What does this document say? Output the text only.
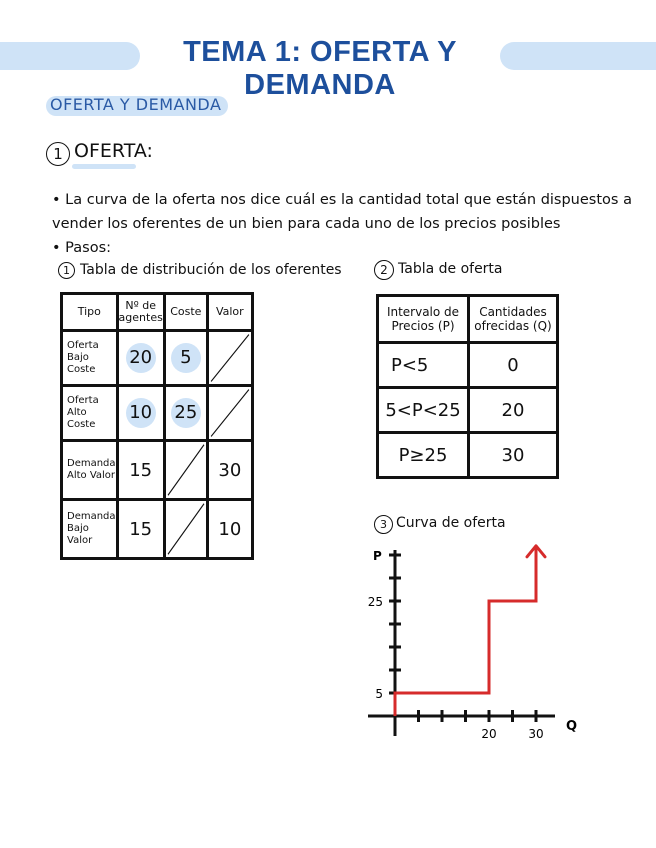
TEMA 1: OFERTA Y DEMANDA
OFERTA Y DEMANDA
1 OFERTA:
• La curva de la oferta nos dice cuál es la cantidad total que están dispuestos a vender los oferentes de un bien para cada uno de los precios posibles
• Pasos:
1 Tabla de distribución de los oferentes
Tipo	Nº de agentes	Coste	Valor
Oferta Bajo Coste	20	5	

Oferta Alto Coste	10	25	

Demanda Alto Valor	15		30
Demanda Bajo Valor	15		10
2 Tabla de oferta
Intervalo de Precios (P)	Cantidades ofrecidas (Q)
P<5	0
5<P<25	20
P≥25	30
3 Curva de oferta
P
Q
5
25
20	30
